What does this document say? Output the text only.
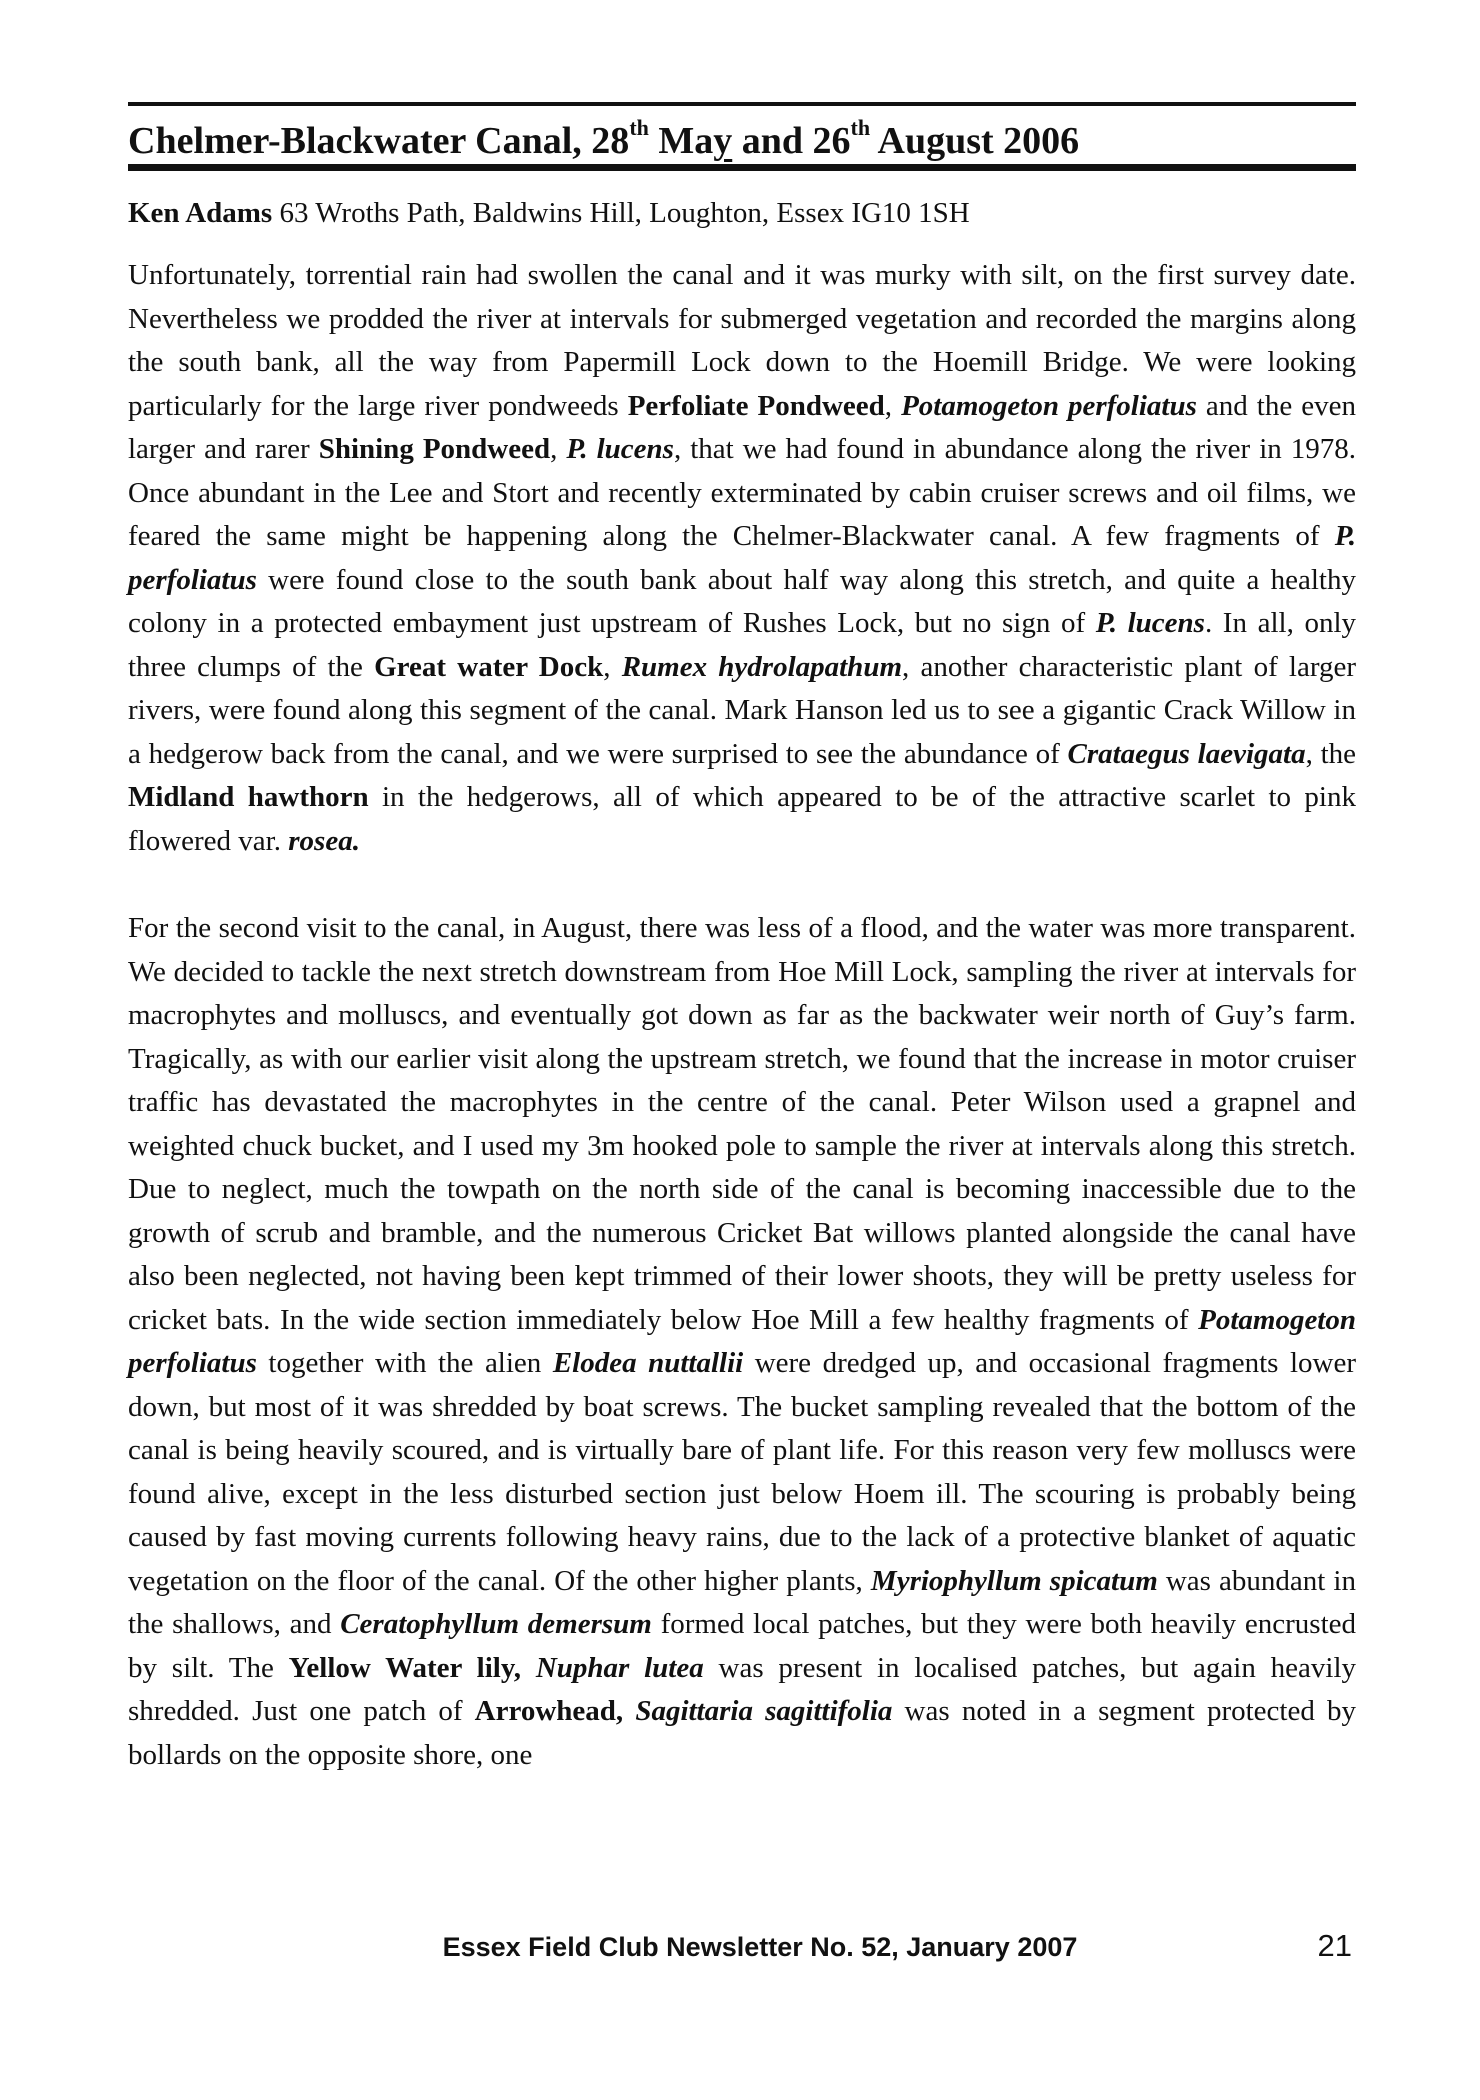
Chelmer-Blackwater Canal, 28th May and 26th August 2006
Ken Adams 63 Wroths Path, Baldwins Hill, Loughton, Essex IG10 1SH

Unfortunately, torrential rain had swollen the canal and it was murky with silt, on the first survey date. Nevertheless we prodded the river at intervals for submerged vegetation and recorded the margins along the south bank, all the way from Papermill Lock down to the Hoemill Bridge. We were looking particularly for the large river pondweeds Perfoliate Pondweed, Potamogeton perfoliatus and the even larger and rarer Shining Pondweed, P. lucens, that we had found in abundance along the river in 1978. Once abundant in the Lee and Stort and recently exterminated by cabin cruiser screws and oil films, we feared the same might be happening along the Chelmer-Blackwater canal. A few fragments of P. perfoliatus were found close to the south bank about half way along this stretch, and quite a healthy colony in a protected embayment just upstream of Rushes Lock, but no sign of P. lucens. In all, only three clumps of the Great water Dock, Rumex hydrolapathum, another characteristic plant of larger rivers, were found along this segment of the canal. Mark Hanson led us to see a gigantic Crack Willow in a hedgerow back from the canal, and we were surprised to see the abundance of Crataegus laevigata, the Midland hawthorn in the hedgerows, all of which appeared to be of the attractive scarlet to pink flowered var. rosea.

For the second visit to the canal, in August, there was less of a flood, and the water was more transparent. We decided to tackle the next stretch downstream from Hoe Mill Lock, sampling the river at intervals for macrophytes and molluscs, and eventually got down as far as the backwater weir north of Guy’s farm. Tragically, as with our earlier visit along the upstream stretch, we found that the increase in motor cruiser traffic has devastated the macrophytes in the centre of the canal. Peter Wilson used a grapnel and weighted chuck bucket, and I used my 3m hooked pole to sample the river at intervals along this stretch. Due to neglect, much the towpath on the north side of the canal is becoming inaccessible due to the growth of scrub and bramble, and the numerous Cricket Bat willows planted alongside the canal have also been neglected, not having been kept trimmed of their lower shoots, they will be pretty useless for cricket bats. In the wide section immediately below Hoe Mill a few healthy fragments of Potamogeton perfoliatus together with the alien Elodea nuttallii were dredged up, and occasional fragments lower down, but most of it was shredded by boat screws. The bucket sampling revealed that the bottom of the canal is being heavily scoured, and is virtually bare of plant life. For this reason very few molluscs were found alive, except in the less disturbed section just below Hoem ill. The scouring is probably being caused by fast moving currents following heavy rains, due to the lack of a protective blanket of aquatic vegetation on the floor of the canal. Of the other higher plants, Myriophyllum spicatum was abundant in the shallows, and Ceratophyllum demersum formed local patches, but they were both heavily encrusted by silt. The Yellow Water lily, Nuphar lutea was present in localised patches, but again heavily shredded. Just one patch of Arrowhead, Sagittaria sagittifolia was noted in a segment protected by bollards on the opposite shore, one

Essex Field Club Newsletter No. 52, January 2007	21
